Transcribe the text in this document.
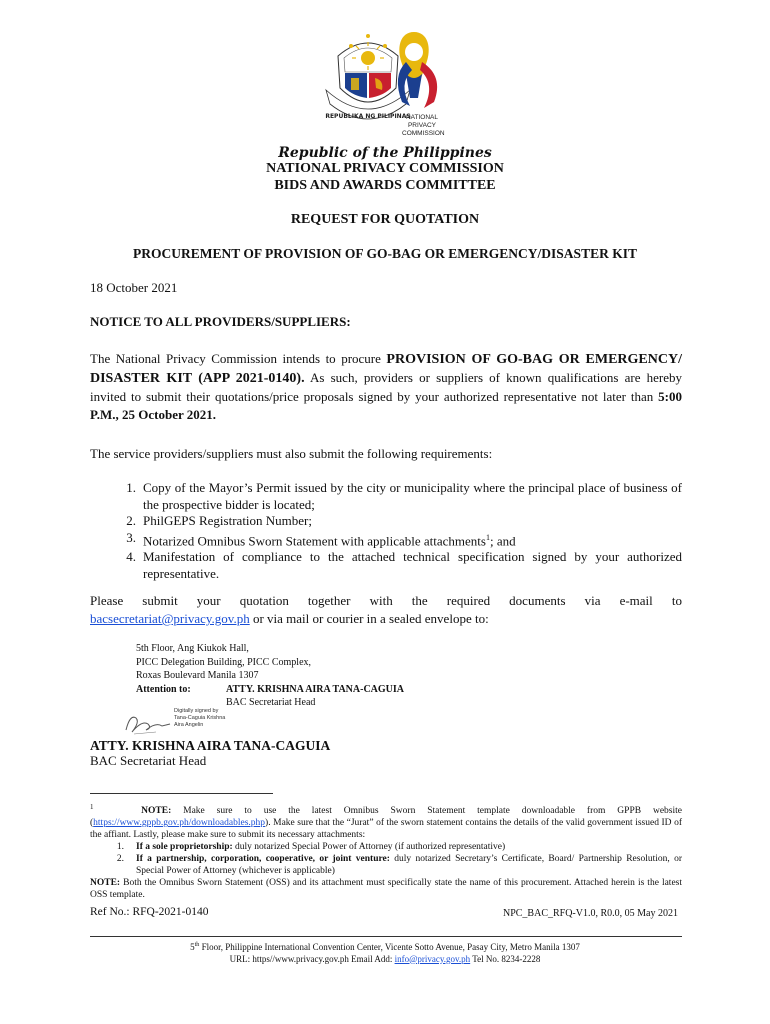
REPUBLIKA NG PILIPINAS
NATIONAL
PRIVACY
COMMISSION
Republic of the Philippines
NATIONAL PRIVACY COMMISSION
BIDS AND AWARDS COMMITTEE
REQUEST FOR QUOTATION
PROCUREMENT OF PROVISION OF GO-BAG OR EMERGENCY/DISASTER KIT
18 October 2021
NOTICE TO ALL PROVIDERS/SUPPLIERS:
The National Privacy Commission intends to procure PROVISION OF GO-BAG OR EMERGENCY/ DISASTER KIT (APP 2021-0140). As such, providers or suppliers of known qualifications are hereby invited to submit their quotations/price proposals signed by your authorized representative not later than 5:00 P.M., 25 October 2021.
The service providers/suppliers must also submit the following requirements:
1. Copy of the Mayor’s Permit issued by the city or municipality where the principal place of business of the prospective bidder is located;
2. PhilGEPS Registration Number;
3. Notarized Omnibus Sworn Statement with applicable attachments$^1$; and
4. Manifestation of compliance to the attached technical specification signed by your authorized representative.
Please submit your quotation together with the required documents via e-mail to
bacsecretariat@privacy.gov.ph or via mail or courier in a sealed envelope to:
5th Floor, Ang Kiukok Hall,
PICC Delegation Building, PICC Complex,
Roxas Boulevard Manila 1307
Attention to:	ATTY. KRISHNA AIRA TANA-CAGUIA
BAC Secretariat Head
Digitally signed by
Tana-Caguia Krishna
Aira Angelin
ATTY. KRISHNA AIRA TANA-CAGUIA
BAC Secretariat Head
$^1$	NOTE: Make sure to use the latest Omnibus Sworn Statement template downloadable from GPPB website (https://www.gppb.gov.ph/downloadables.php). Make sure that the “Jurat” of the sworn statement contains the details of the valid government issued ID of the affiant. Lastly, please make sure to submit its necessary attachments:
1.	If a sole proprietorship: duly notarized Special Power of Attorney (if authorized representative)
2.	If a partnership, corporation, cooperative, or joint venture: duly notarized Secretary’s Certificate, Board/ Partnership Resolution, or Special Power of Attorney (whichever is applicable)
NOTE: Both the Omnibus Sworn Statement (OSS) and its attachment must specifically state the name of this procurement. Attached herein is the latest OSS template.
Ref No.: RFQ-2021-0140	NPC_BAC_RFQ-V1.0, R0.0, 05 May 2021
5th Floor, Philippine International Convention Center, Vicente Sotto Avenue, Pasay City, Metro Manila 1307
URL: https//www.privacy.gov.ph Email Add: info@privacy.gov.ph Tel No. 8234-2228
